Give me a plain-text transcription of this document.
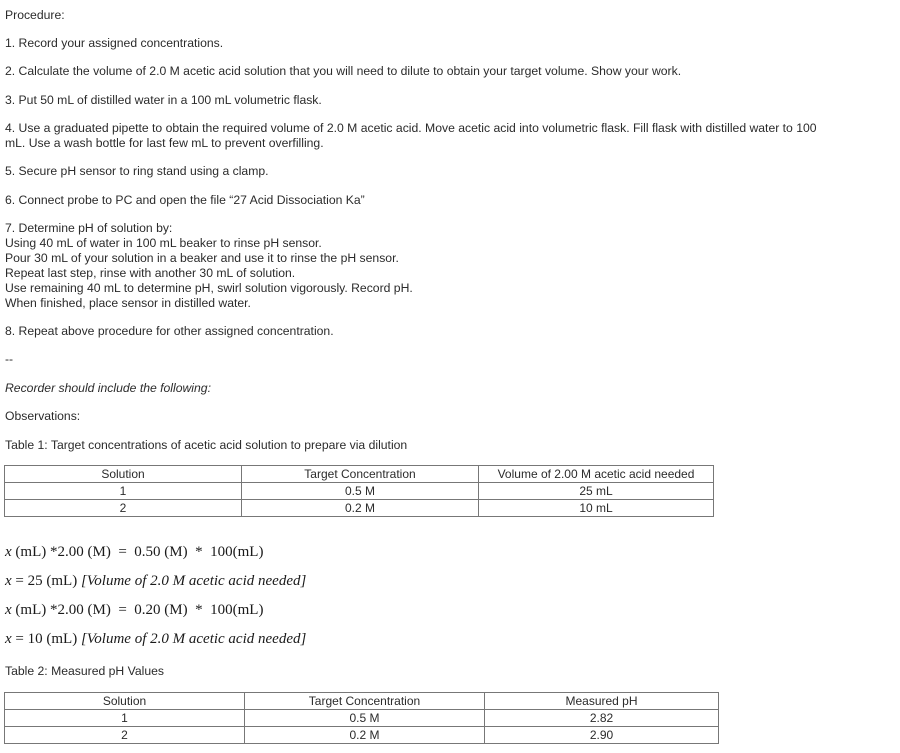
Procedure:
1. Record your assigned concentrations.
2. Calculate the volume of 2.0 M acetic acid solution that you will need to dilute to obtain your target volume. Show your work.
3. Put 50 mL of distilled water in a 100 mL volumetric flask.
4. Use a graduated pipette to obtain the required volume of 2.0 M acetic acid. Move acetic acid into volumetric flask. Fill flask with distilled water to 100
mL. Use a wash bottle for last few mL to prevent overfilling.
5. Secure pH sensor to ring stand using a clamp.
6. Connect probe to PC and open the file “27 Acid Dissociation Ka”
7. Determine pH of solution by:
Using 40 mL of water in 100 mL beaker to rinse pH sensor.
Pour 30 mL of your solution in a beaker and use it to rinse the pH sensor.
Repeat last step, rinse with another 30 mL of solution.
Use remaining 40 mL to determine pH, swirl solution vigorously. Record pH.
When finished, place sensor in distilled water.
8. Repeat above procedure for other assigned concentration.
--
Recorder should include the following:
Observations:
Table 1: Target concentrations of acetic acid solution to prepare via dilution
Solution	Target Concentration	Volume of 2.00 M acetic acid needed
1	0.5 M	25 mL
2	0.2 M	10 mL
x (mL) *2.00 (M) = 0.50 (M) * 100(mL)
x = 25 (mL) [Volume of 2.0 M acetic acid needed]
x (mL) *2.00 (M) = 0.20 (M) * 100(mL)
x = 10 (mL) [Volume of 2.0 M acetic acid needed]
Table 2: Measured pH Values
Solution	Target Concentration	Measured pH
1	0.5 M	2.82
2	0.2 M	2.90
